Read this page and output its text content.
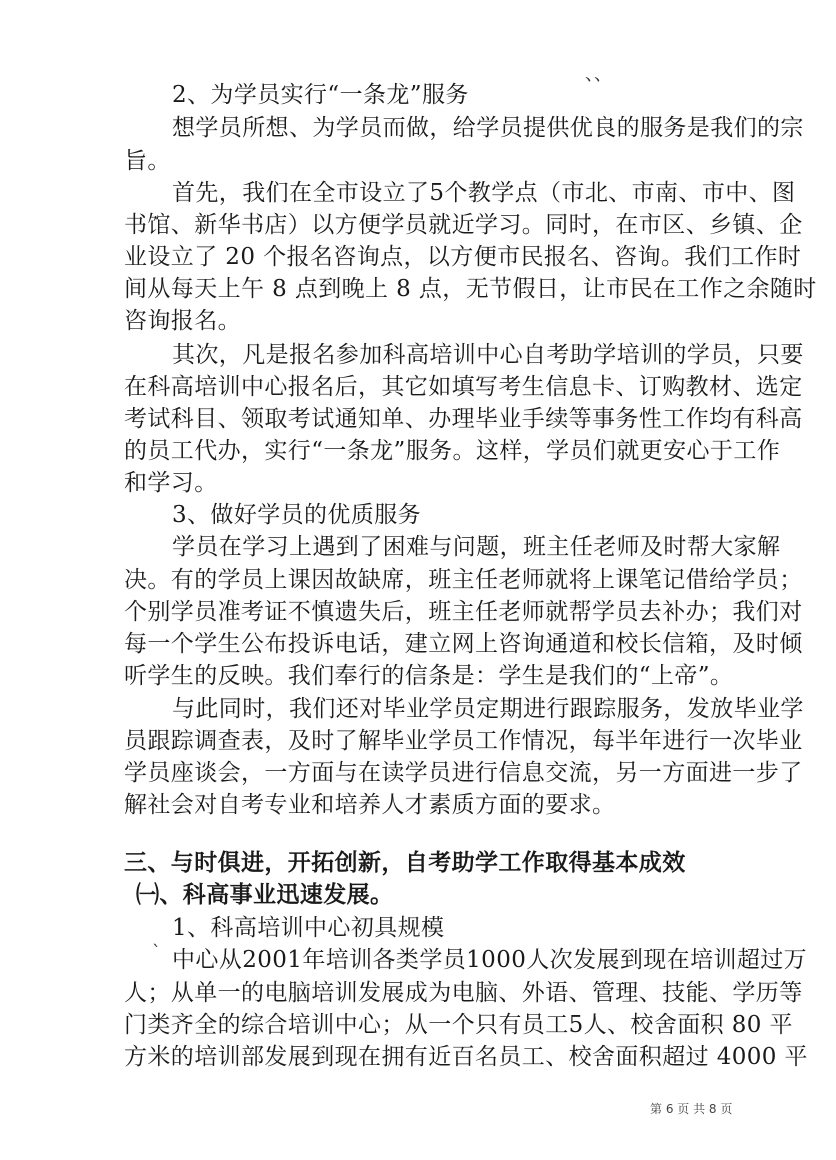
、、
2、为学员实行“一条龙”服务
想学员所想、为学员而做，给学员提供优良的服务是我们的宗
旨。
首先，我们在全市设立了5个教学点（市北、市南、市中、图
书馆、新华书店）以方便学员就近学习。同时，在市区、乡镇、企
业设立了 20 个报名咨询点，以方便市民报名、咨询。我们工作时
间从每天上午 8 点到晚上 8 点，无节假日，让市民在工作之余随时
咨询报名。
其次，凡是报名参加科高培训中心自考助学培训的学员，只要
在科高培训中心报名后，其它如填写考生信息卡、订购教材、选定
考试科目、领取考试通知单、办理毕业手续等事务性工作均有科高
的员工代办，实行“一条龙”服务。这样，学员们就更安心于工作
和学习。
3、做好学员的优质服务
学员在学习上遇到了困难与问题，班主任老师及时帮大家解
决。有的学员上课因故缺席，班主任老师就将上课笔记借给学员；
个别学员准考证不慎遗失后，班主任老师就帮学员去补办；我们对
每一个学生公布投诉电话，建立网上咨询通道和校长信箱，及时倾
听学生的反映。我们奉行的信条是：学生是我们的“上帝”。
与此同时，我们还对毕业学员定期进行跟踪服务，发放毕业学
员跟踪调查表，及时了解毕业学员工作情况，每半年进行一次毕业
学员座谈会，一方面与在读学员进行信息交流，另一方面进一步了
解社会对自考专业和培养人才素质方面的要求。
三、与时俱进，开拓创新，自考助学工作取得基本成效
㈠、科高事业迅速发展。
1、科高培训中心初具规模
ˋ 中心从2001年培训各类学员1000人次发展到现在培训超过万
人；从单一的电脑培训发展成为电脑、外语、管理、技能、学历等
门类齐全的综合培训中心；从一个只有员工5人、校舍面积 80 平
方米的培训部发展到现在拥有近百名员工、校舍面积超过 4000 平
第 6 页 共 8 页
